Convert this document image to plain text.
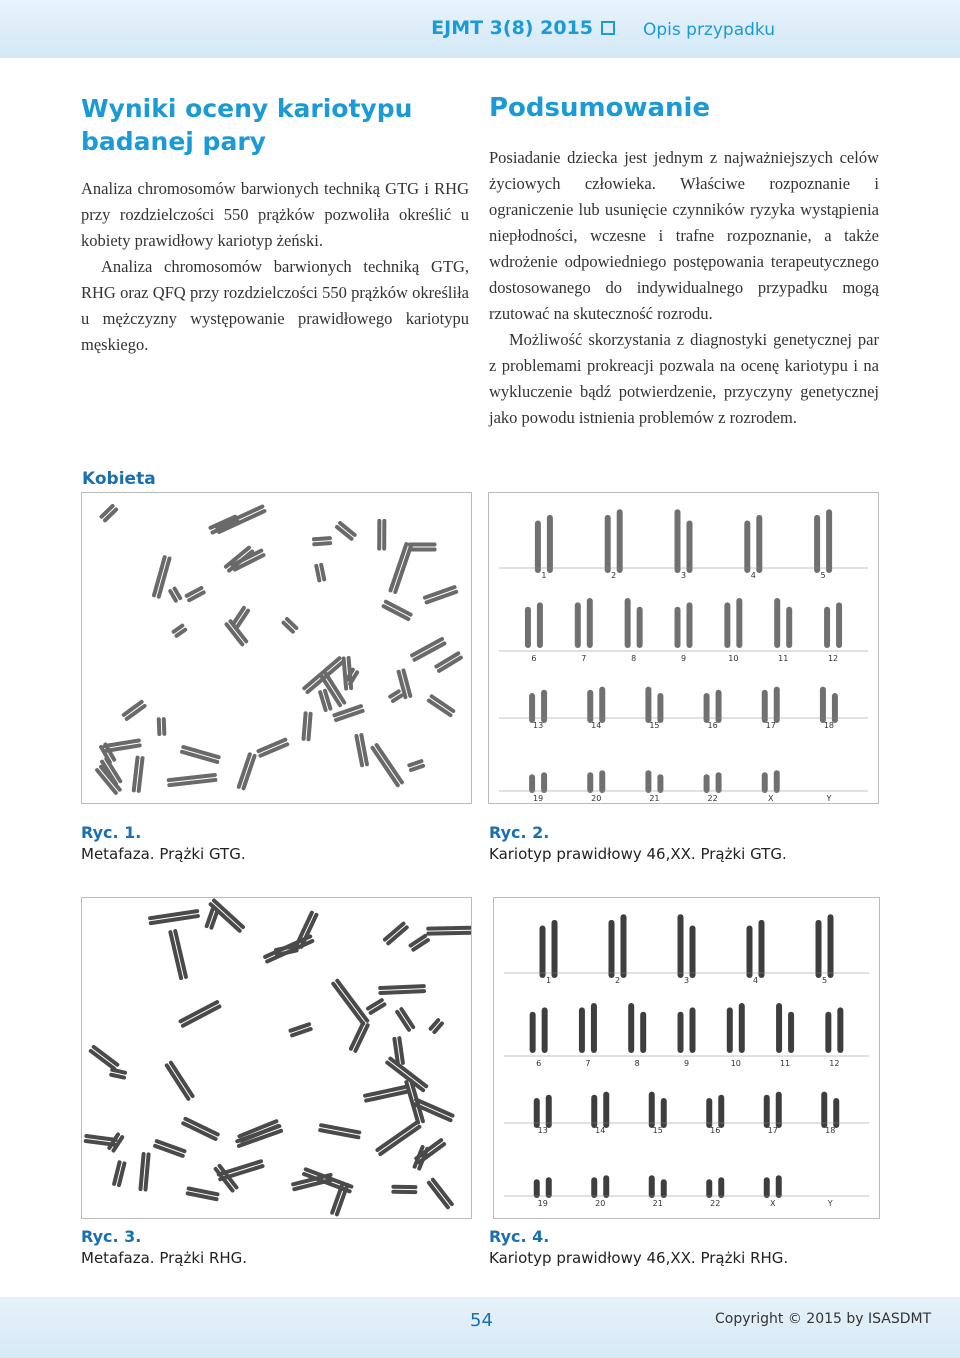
EJMT 3(8) 2015	Opis przypadku
Wyniki oceny kariotypu badanej pary

Analiza chromosomów barwionych techniką GTG i RHG przy rozdzielczości 550 prążków pozwoliła określić u kobiety prawidłowy kariotyp żeński.

Analiza chromosomów barwionych techniką GTG, RHG oraz QFQ przy rozdzielczości 550 prążków określiła u mężczyzny występowanie prawidłowego kariotypu męskiego.

Podsumowanie

Posiadanie dziecka jest jednym z najważniejszych celów życiowych człowieka. Właściwe rozpoznanie i ograniczenie lub usunięcie czynników ryzyka wystąpienia niepłodności, wczesne i trafne rozpoznanie, a także wdrożenie odpowiedniego postępowania terapeutycznego dostosowanego do indywidualnego przypadku mogą rzutować na skuteczność rozrodu.

Możliwość skorzystania z diagnostyki genetycznej par z problemami prokreacji pozwala na ocenę kariotypu i na wykluczenie bądź potwierdzenie, przyczyny genetycznej jako powodu istnienia problemów z rozrodem.

Kobieta
1	2	3	4	5
6	7	8	9	10	11	12
13	14	15	16	17	18
19	20	21	22	X	Y
1	2	3	4	5
6	7	8	9	10	11	12
13	14	15	16	17	18
19	20	21	22	X	Y
Ryc. 1.
Metafaza. Prążki GTG.
Ryc. 2.
Kariotyp prawidłowy 46,XX. Prążki GTG.
Ryc. 3.
Metafaza. Prążki RHG.
Ryc. 4.
Kariotyp prawidłowy 46,XX. Prążki RHG.
54	Copyright © 2015 by ISASDMT
